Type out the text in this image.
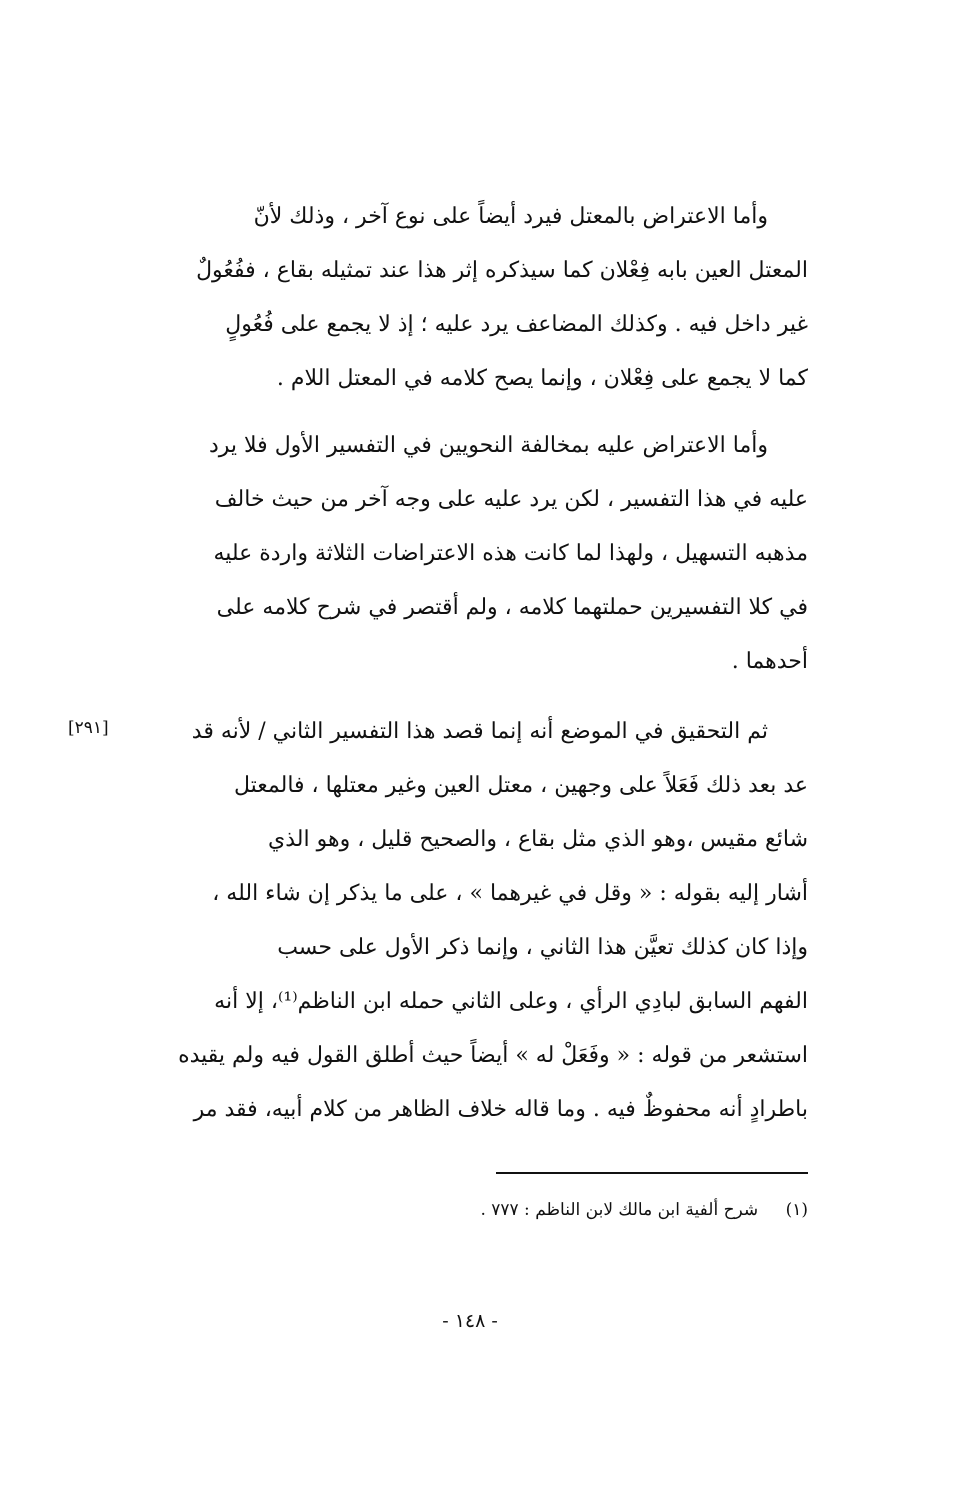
وأما الاعتراض بالمعتل فيرد أيضاً على نوع آخر ، وذلك لأنّ
المعتل العين بابه فِعْلان كما سيذكره إثر هذا عند تمثيله بقاع ، ففُعُولٌ
غير داخل فيه . وكذلك المضاعف يرد عليه ؛ إذ لا يجمع على فُعُولٍ
كما لا يجمع على فِعْلان ، وإنما يصح كلامه في المعتل اللام .
وأما الاعتراض عليه بمخالفة النحويين في التفسير الأول فلا يرد
عليه في هذا التفسير ، لكن يرد عليه على وجه آخر من حيث خالف
مذهبه التسهيل ، ولهذا لما كانت هذه الاعتراضات الثلاثة واردة عليه
في كلا التفسيرين حملتهما كلامه ، ولم أقتصر في شرح كلامه على
أحدهما .
[٢٩١]	ثم التحقيق في الموضع أنه إنما قصد هذا التفسير الثاني / لأنه قد
عد بعد ذلك فَعَلاً على وجهين ، معتل العين وغير معتلها ، فالمعتل
شائع مقيس ،وهو الذي مثل بقاع ، والصحيح قليل ، وهو الذي
أشار إليه بقوله : « وقل في غيرهما » ، على ما يذكر إن شاء الله ،
وإذا كان كذلك تعيَّن هذا الثاني ، وإنما ذكر الأول على حسب
الفهم السابق لبادِي الرأي ، وعلى الثاني حمله ابن الناظم⁽¹⁾، إلا أنه
استشعر من قوله : « وفَعَلْ له » أيضاً حيث أطلق القول فيه ولم يقيده
باطرادٍ أنه محفوظٌ فيه . وما قاله خلاف الظاهر من كلام أبيه، فقد مر
(١) شرح ألفية ابن مالك لابن الناظم : ٧٧٧ .
- ١٤٨ -
